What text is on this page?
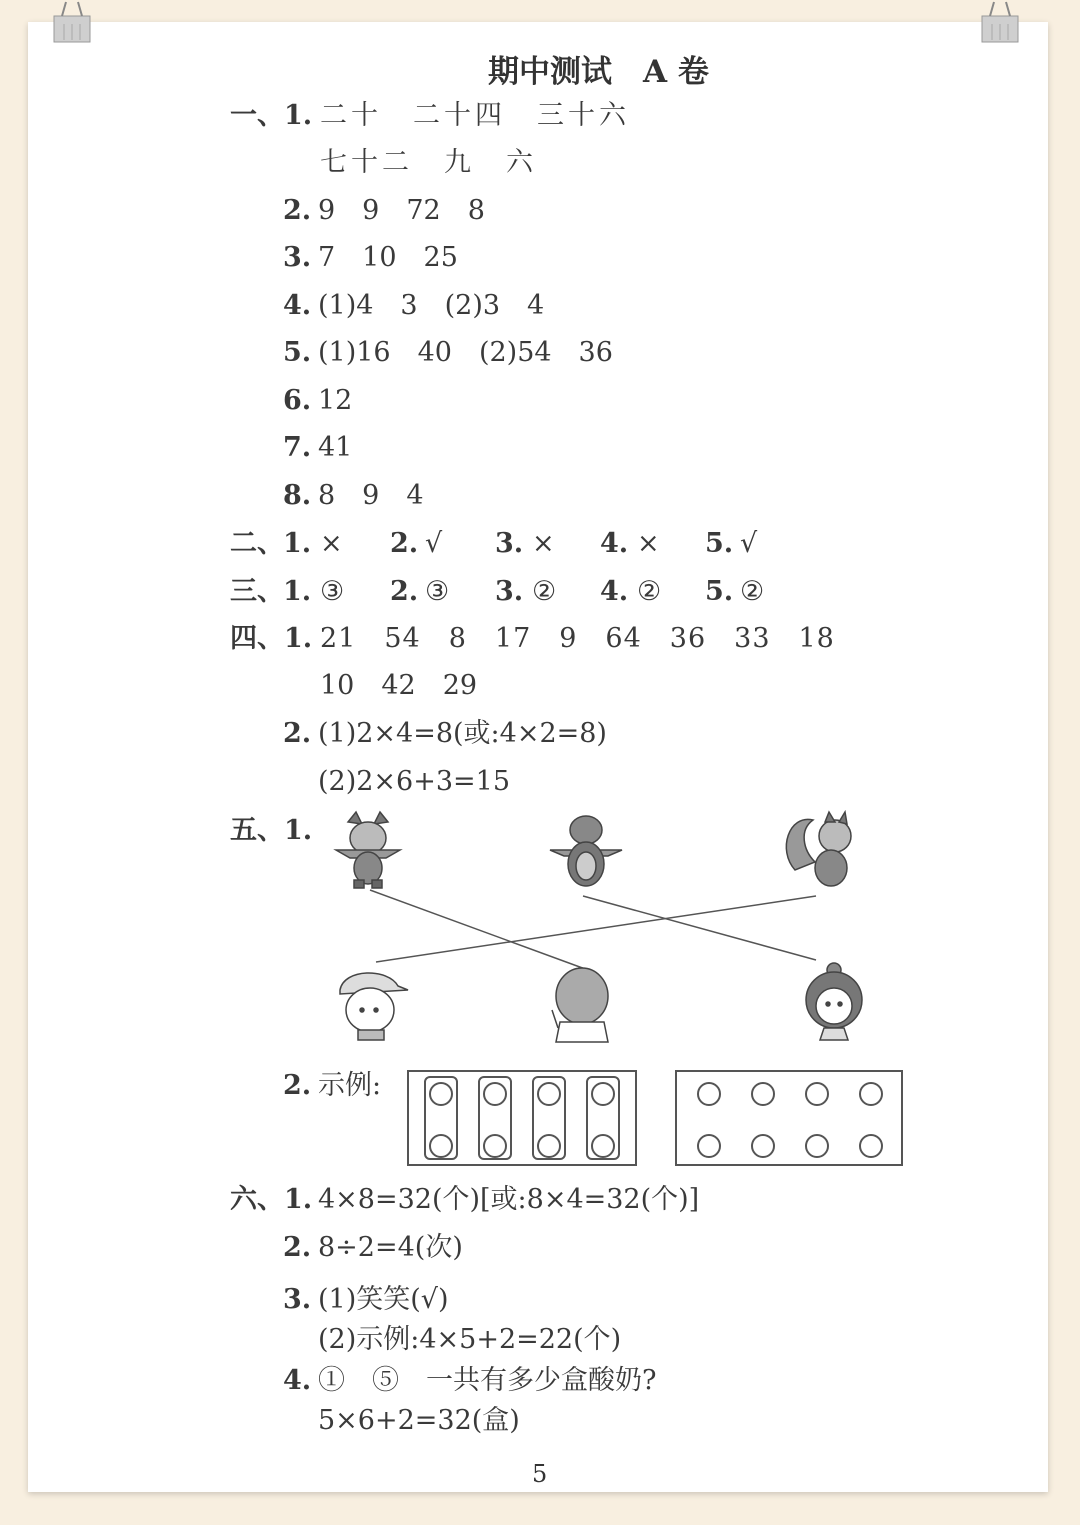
期中测试　A 卷
一、1. 二十　二十四　三十六
七十二　九　六
2. 9　9　72　8
3. 7　10　25
4. (1)4　3　(2)3　4
5. (1)16　40　(2)54　36
6. 12
7. 41
8. 8　9　4
二、 1. × 2. √ 3. × 4. × 5. √
三、 1. ③ 2. ③ 3. ② 4. ② 5. ②
四、1. 21　54　8　17　9　64　36　33　18
10　42　29
2. (1)2×4=8(或:4×2=8)
(2)2×6+3=15
五、1.
2. 示例:
六、1. 4×8=32(个)[或:8×4=32(个)]
2. 8÷2=4(次)
3. (1)笑笑(√)
(2)示例:4×5+2=22(个)
4. ①　⑤　一共有多少盒酸奶?
5×6+2=32(盒)
5
